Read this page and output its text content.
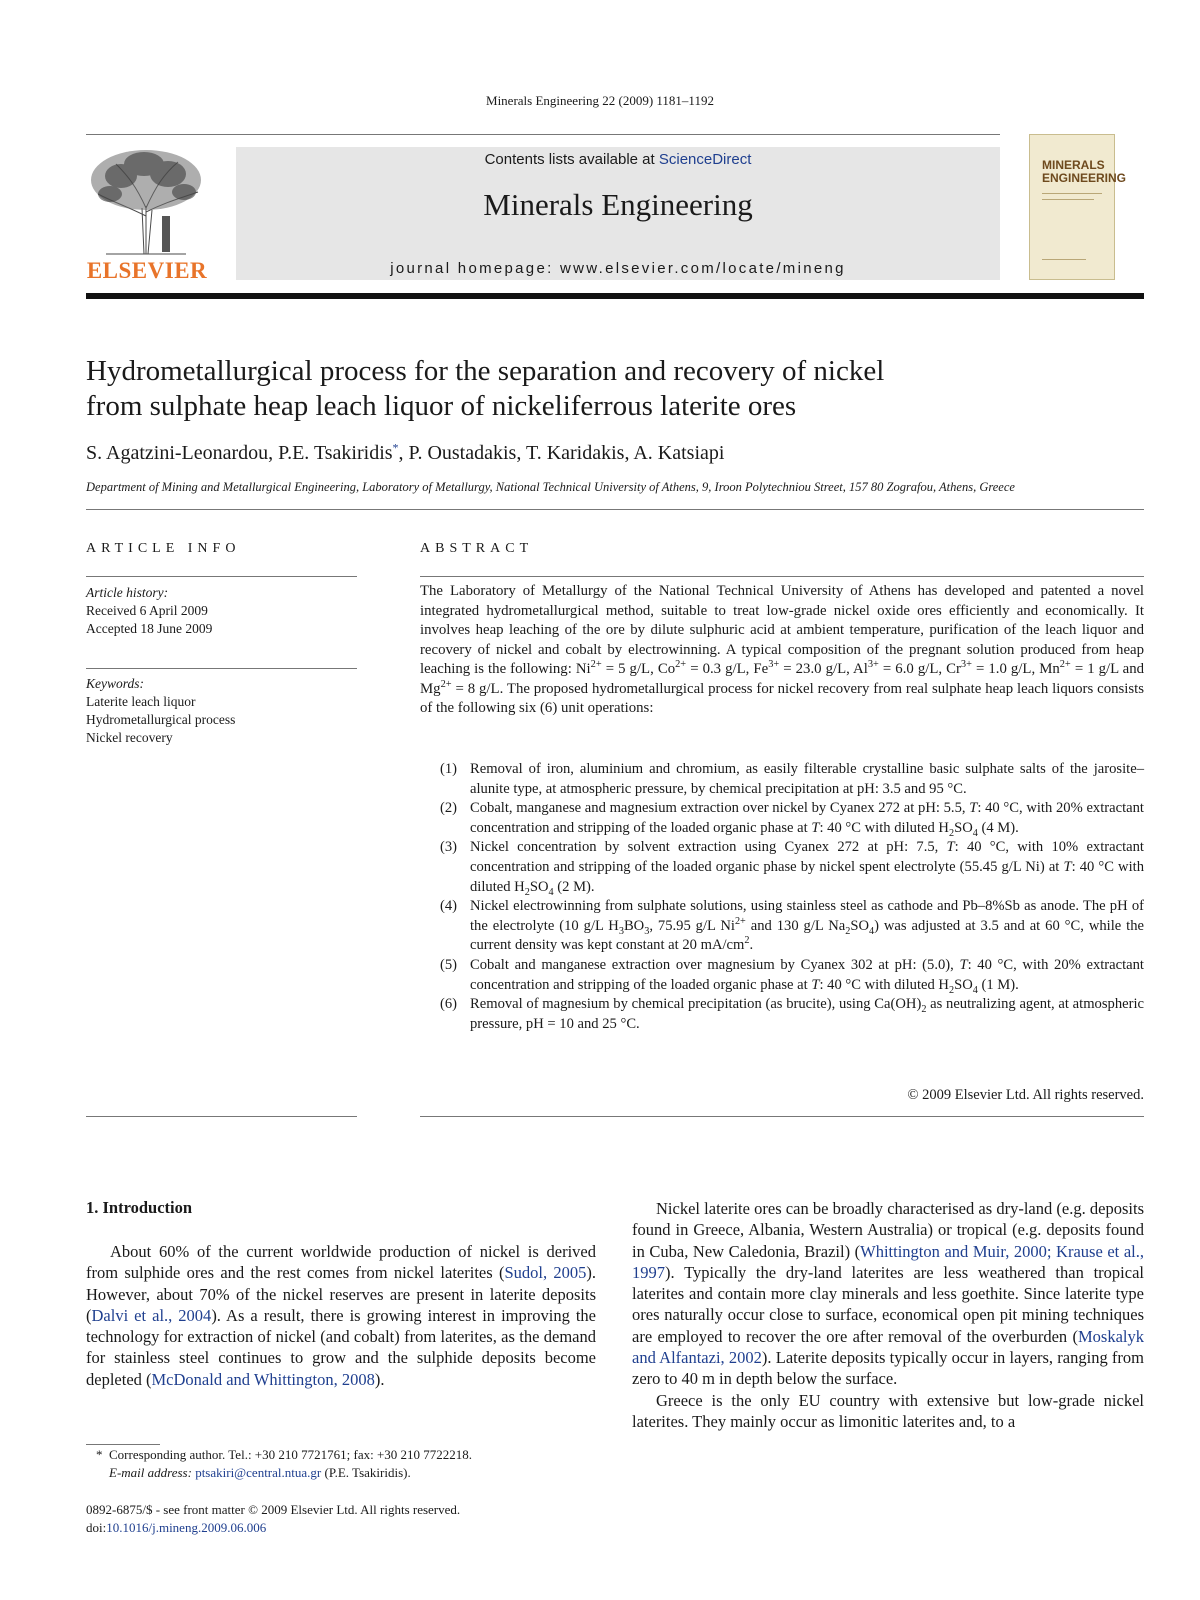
Minerals Engineering 22 (2009) 1181–1192
ELSEVIER
Contents lists available at ScienceDirect
Minerals Engineering
journal homepage: www.elsevier.com/locate/mineng
MINERALS
ENGINEERING
Hydrometallurgical process for the separation and recovery of nickel
from sulphate heap leach liquor of nickeliferrous laterite ores
S. Agatzini-Leonardou, P.E. Tsakiridis*, P. Oustadakis, T. Karidakis, A. Katsiapi
Department of Mining and Metallurgical Engineering, Laboratory of Metallurgy, National Technical University of Athens, 9, Iroon Polytechniou Street, 157 80 Zografou, Athens, Greece
ARTICLE INFO
Article history:
Received 6 April 2009
Accepted 18 June 2009
Keywords:
Laterite leach liquor
Hydrometallurgical process
Nickel recovery
ABSTRACT
The Laboratory of Metallurgy of the National Technical University of Athens has developed and patented a novel integrated hydrometallurgical method, suitable to treat low-grade nickel oxide ores efficiently and economically. It involves heap leaching of the ore by dilute sulphuric acid at ambient temperature, purification of the leach liquor and recovery of nickel and cobalt by electrowinning. A typical composition of the pregnant solution produced from heap leaching is the following: $Ni^{2+} = 5$ g/L, $Co^{2+} = 0.3$ g/L, $Fe^{3+} = 23.0$ g/L, $Al^{3+} = 6.0$ g/L, $Cr^{3+} = 1.0$ g/L, $Mn^{2+} = 1$ g/L and $Mg^{2+} = 8$ g/L. The proposed hydrometallurgical process for nickel recovery from real sulphate heap leach liquors consists of the following six (6) unit operations:
(1) Removal of iron, aluminium and chromium, as easily filterable crystalline basic sulphate salts of the jarosite–alunite type, at atmospheric pressure, by chemical precipitation at pH: 3.5 and 95 °C.
(2) Cobalt, manganese and magnesium extraction over nickel by Cyanex 272 at pH: 5.5, T: 40 °C, with 20% extractant concentration and stripping of the loaded organic phase at T: 40 °C with diluted $H_2SO_4$ (4 M).
(3) Nickel concentration by solvent extraction using Cyanex 272 at pH: 7.5, T: 40 °C, with 10% extractant concentration and stripping of the loaded organic phase by nickel spent electrolyte (55.45 g/L Ni) at T: 40 °C with diluted $H_2SO_4$ (2 M).
(4) Nickel electrowinning from sulphate solutions, using stainless steel as cathode and Pb–8%Sb as anode. The pH of the electrolyte (10 g/L $H_3BO_3$, 75.95 g/L $Ni^{2+}$ and 130 g/L $Na_2SO_4$) was adjusted at 3.5 and at 60 °C, while the current density was kept constant at 20 $mA/cm^2$.
(5) Cobalt and manganese extraction over magnesium by Cyanex 302 at pH: (5.0), T: 40 °C, with 20% extractant concentration and stripping of the loaded organic phase at T: 40 °C with diluted $H_2SO_4$ (1 M).
(6) Removal of magnesium by chemical precipitation (as brucite), using $Ca(OH)_2$ as neutralizing agent, at atmospheric pressure, pH = 10 and 25 °C.
© 2009 Elsevier Ltd. All rights reserved.
1. Introduction

About 60% of the current worldwide production of nickel is derived from sulphide ores and the rest comes from nickel laterites (Sudol, 2005). However, about 70% of the nickel reserves are present in laterite deposits (Dalvi et al., 2004). As a result, there is growing interest in improving the technology for extraction of nickel (and cobalt) from laterites, as the demand for stainless steel continues to grow and the sulphide deposits become depleted (McDonald and Whittington, 2008).

Nickel laterite ores can be broadly characterised as dry-land (e.g. deposits found in Greece, Albania, Western Australia) or tropical (e.g. deposits found in Cuba, New Caledonia, Brazil) (Whittington and Muir, 2000; Krause et al., 1997). Typically the dry-land laterites are less weathered than tropical laterites and contain more clay minerals and less goethite. Since laterite type ores naturally occur close to surface, economical open pit mining techniques are employed to recover the ore after removal of the overburden (Moskalyk and Alfantazi, 2002). Laterite deposits typically occur in layers, ranging from zero to 40 m in depth below the surface.

Greece is the only EU country with extensive but low-grade nickel laterites. They mainly occur as limonitic laterites and, to a

* Corresponding author. Tel.: +30 210 7721761; fax: +30 210 7722218.
E-mail address: ptsakiri@central.ntua.gr (P.E. Tsakiridis).
0892-6875/$ - see front matter © 2009 Elsevier Ltd. All rights reserved.
doi:10.1016/j.mineng.2009.06.006
